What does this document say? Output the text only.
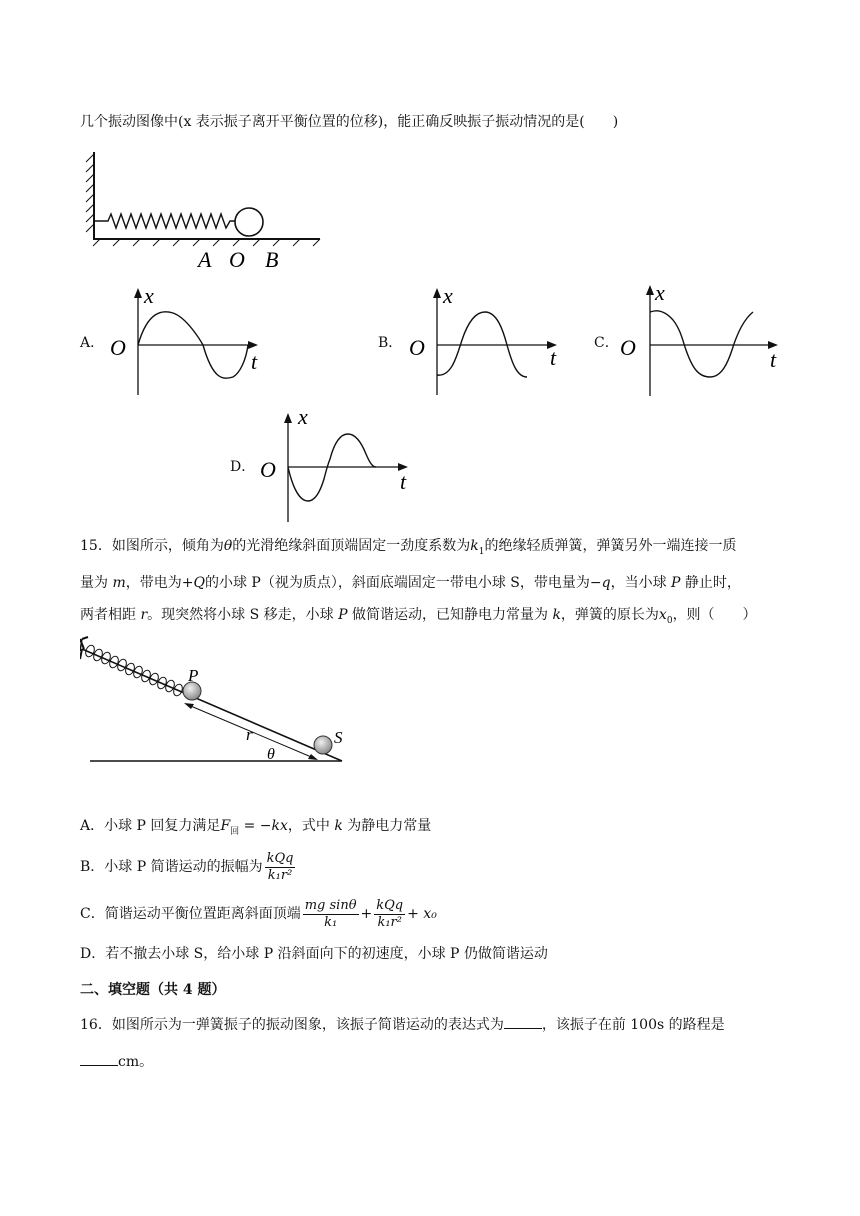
几个振动图像中(x 表示振子离开平衡位置的位移)，能正确反映振子振动情况的是(　　)
A O B
A．
x
O
t
B．
x
O	t
C．
x
O	t
D．
x
O	t
15．如图所示，倾角为θ的光滑绝缘斜面顶端固定一劲度系数为$k_1$的绝缘轻质弹簧，弹簧另外一端连接一质
量为 m，带电为+Q的小球 P（视为质点），斜面底端固定一带电小球 S，带电量为−q，当小球 P 静止时，
两者相距 r。现突然将小球 S 移走，小球 P 做简谐运动，已知静电力常量为 k，弹簧的原长为$x_0$，则（　　）
P
S
r
θ
A．小球 P 回复力满足$F_回 = -kx$，式中 k 为静电力常量
B．小球 P 简谐运动的振幅为 $\frac{\text{kQq}}{\text{k₁r²}}$
C．简谐运动平衡位置距离斜面顶端 $\frac{\text{mg sinθ}}{\text{k₁}} + \frac{\text{kQq}}{\text{k₁r²}} + x_0$
D．若不撤去小球 S，给小球 P 沿斜面向下的初速度，小球 P 仍做简谐运动
二、填空题（共 4 题）
16．如图所示为一弹簧振子的振动图象，该振子简谐运动的表达式为	，该振子在前 100s 的路程是
cm。
